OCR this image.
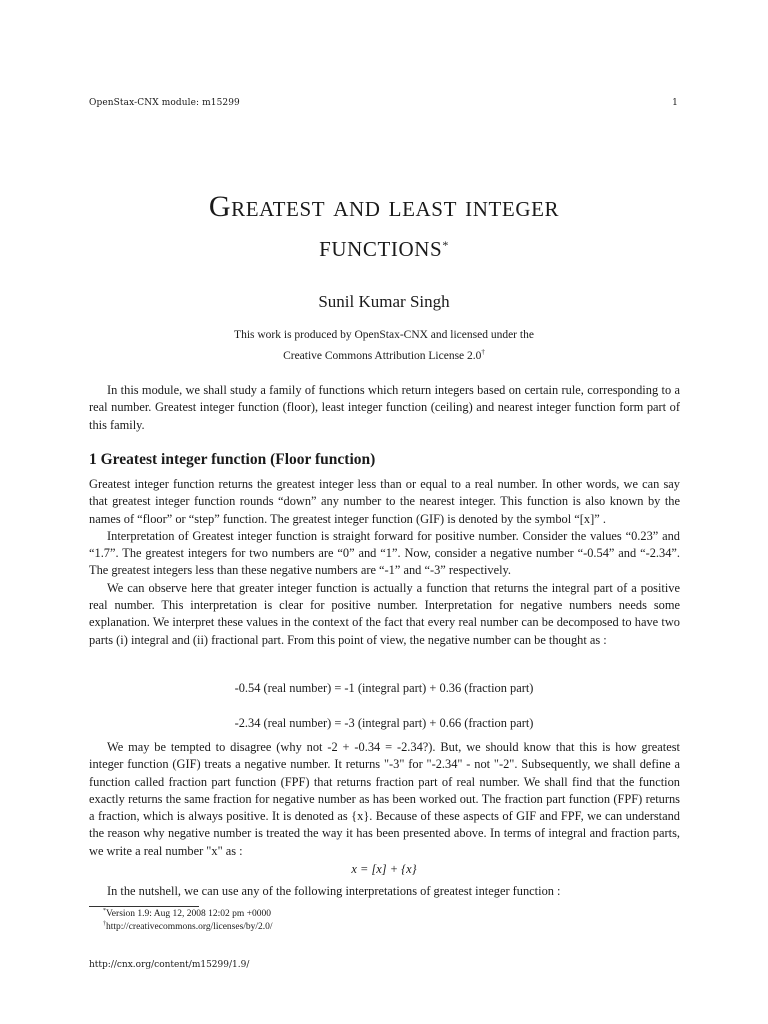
OpenStax-CNX module: m15299	1
Greatest and least integer
functions*
Sunil Kumar Singh
This work is produced by OpenStax-CNX and licensed under the
Creative Commons Attribution License 2.0†

In this module, we shall study a family of functions which return integers based on certain rule, corresponding to a real number. Greatest integer function (floor), least integer function (ceiling) and nearest integer function form part of this family.

1 Greatest integer function (Floor function)

Greatest integer function returns the greatest integer less than or equal to a real number. In other words, we can say that greatest integer function rounds “down” any number to the nearest integer. This function is also known by the names of “floor” or “step” function. The greatest integer function (GIF) is denoted by the symbol “[x]” .

Interpretation of Greatest integer function is straight forward for positive number. Consider the values “0.23” and “1.7”. The greatest integers for two numbers are “0” and “1”. Now, consider a negative number “-0.54” and “-2.34”. The greatest integers less than these negative numbers are “-1” and “-3” respectively.

We can observe here that greater integer function is actually a function that returns the integral part of a positive real number. This interpretation is clear for positive number. Interpretation for negative numbers needs some explanation. We interpret these values in the context of the fact that every real number can be decomposed to have two parts (i) integral and (ii) fractional part. From this point of view, the negative number can be thought as :

-0.54 (real number) = -1 (integral part) + 0.36 (fraction part)
-2.34 (real number) = -3 (integral part) + 0.66 (fraction part)

We may be tempted to disagree (why not -2 + -0.34 = -2.34?). But, we should know that this is how greatest integer function (GIF) treats a negative number. It returns "-3" for "-2.34" - not "-2". Subsequently, we shall define a function called fraction part function (FPF) that returns fraction part of real number. We shall find that the function exactly returns the same fraction for negative number as has been worked out. The fraction part function (FPF) returns a fraction, which is always positive. It is denoted as {x}. Because of these aspects of GIF and FPF, we can understand the reason why negative number is treated the way it has been presented above. In terms of integral and fraction parts, we write a real number "x" as :

x = [x] + {x}

In the nutshell, we can use any of the following interpretations of greatest integer function :

*Version 1.9: Aug 12, 2008 12:02 pm +0000
†http://creativecommons.org/licenses/by/2.0/
http://cnx.org/content/m15299/1.9/
